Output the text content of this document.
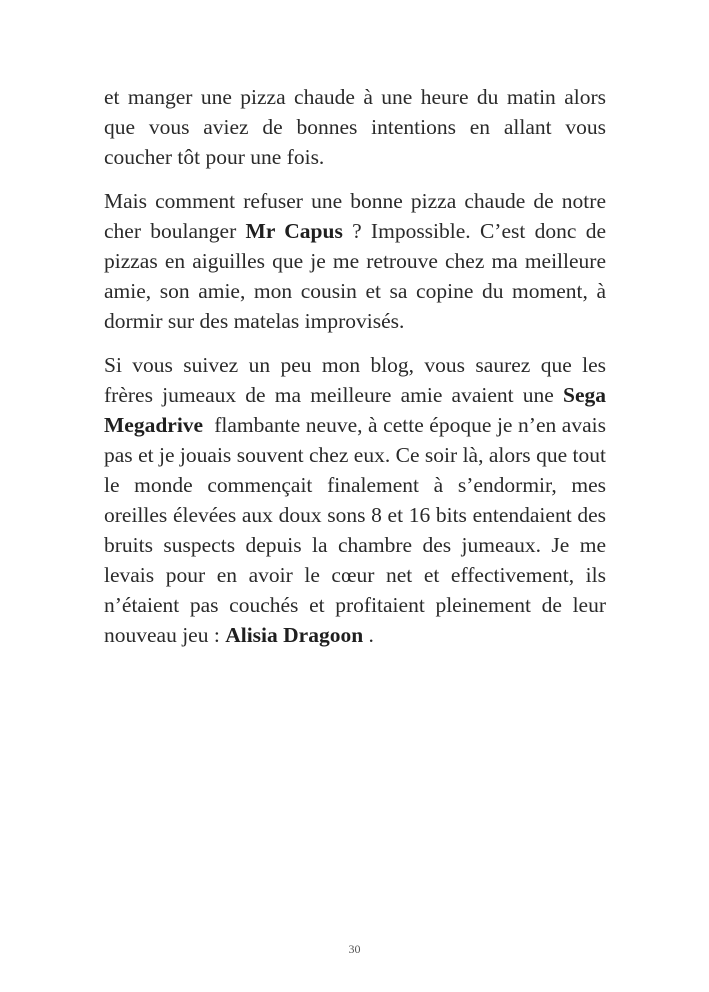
et manger une pizza chaude à une heure du matin alors que vous aviez de bonnes intentions en allant vous coucher tôt pour une fois.

Mais comment refuser une bonne pizza chaude de notre cher boulanger Mr Capus ? Impossible. C’est donc de pizzas en aiguilles que je me retrouve chez ma meilleure amie, son amie, mon cousin et sa copine du moment, à dormir sur des matelas improvisés.

Si vous suivez un peu mon blog, vous saurez que les frères jumeaux de ma meilleure amie avaient une Sega Megadrive  flambante neuve, à cette époque je n’en avais pas et je jouais souvent chez eux. Ce soir là, alors que tout le monde commençait finalement à s’endormir, mes oreilles élevées aux doux sons 8 et 16 bits entendaient des bruits suspects depuis la chambre des jumeaux. Je me levais pour en avoir le cœur net et effectivement, ils n’étaient pas couchés et profitaient pleinement de leur nouveau jeu : Alisia Dragoon .

30
